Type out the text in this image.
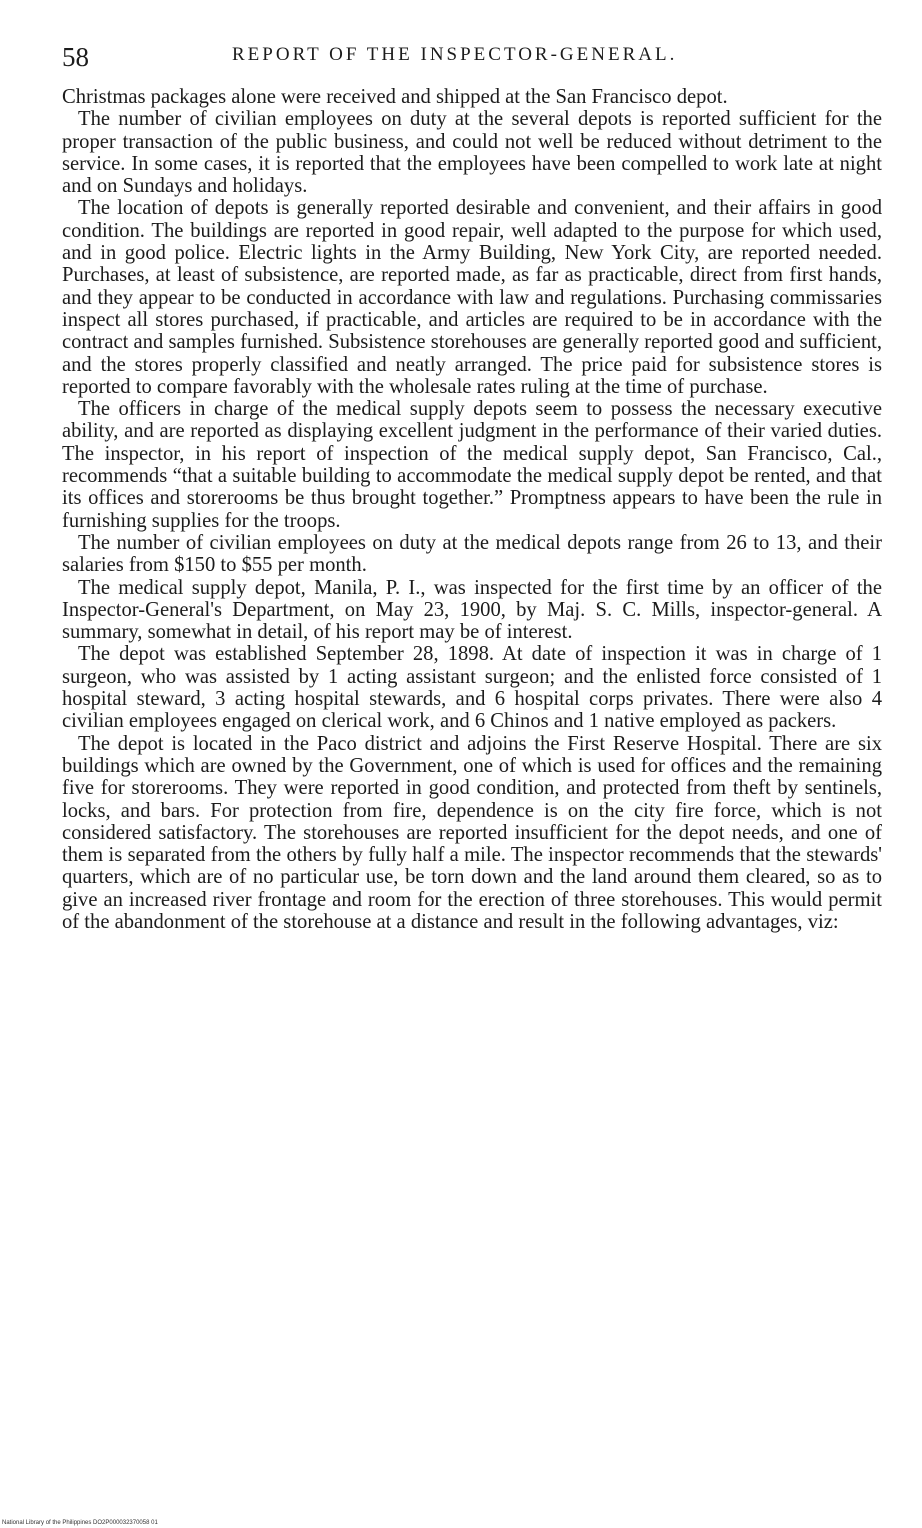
58	REPORT OF THE INSPECTOR-GENERAL.

Christmas packages alone were received and shipped at the San Francisco depot.

The number of civilian employees on duty at the several depots is reported sufficient for the proper transaction of the public business, and could not well be reduced without detriment to the service. In some cases, it is reported that the employees have been compelled to work late at night and on Sundays and holidays.

The location of depots is generally reported desirable and convenient, and their affairs in good condition. The buildings are reported in good repair, well adapted to the purpose for which used, and in good police. Electric lights in the Army Building, New York City, are reported needed. Purchases, at least of subsistence, are reported made, as far as practicable, direct from first hands, and they appear to be conducted in accordance with law and regulations. Purchasing commissaries inspect all stores purchased, if practicable, and articles are required to be in accordance with the contract and samples furnished. Subsistence storehouses are generally reported good and sufficient, and the stores properly classified and neatly arranged. The price paid for subsistence stores is reported to compare favorably with the wholesale rates ruling at the time of purchase.

The officers in charge of the medical supply depots seem to possess the necessary executive ability, and are reported as displaying excellent judgment in the performance of their varied duties. The inspector, in his report of inspection of the medical supply depot, San Francisco, Cal., recommends “that a suitable building to accommodate the medical supply depot be rented, and that its offices and storerooms be thus brought together.” Promptness appears to have been the rule in furnishing supplies for the troops.

The number of civilian employees on duty at the medical depots range from 26 to 13, and their salaries from $150 to $55 per month.

The medical supply depot, Manila, P. I., was inspected for the first time by an officer of the Inspector-General's Department, on May 23, 1900, by Maj. S. C. Mills, inspector-general. A summary, somewhat in detail, of his report may be of interest.

The depot was established September 28, 1898. At date of inspection it was in charge of 1 surgeon, who was assisted by 1 acting assistant surgeon; and the enlisted force consisted of 1 hospital steward, 3 acting hospital stewards, and 6 hospital corps privates. There were also 4 civilian employees engaged on clerical work, and 6 Chinos and 1 native employed as packers.

The depot is located in the Paco district and adjoins the First Reserve Hospital. There are six buildings which are owned by the Government, one of which is used for offices and the remaining five for storerooms. They were reported in good condition, and protected from theft by sentinels, locks, and bars. For protection from fire, dependence is on the city fire force, which is not considered satisfactory. The storehouses are reported insufficient for the depot needs, and one of them is separated from the others by fully half a mile. The inspector recommends that the stewards' quarters, which are of no particular use, be torn down and the land around them cleared, so as to give an increased river frontage and room for the erection of three storehouses. This would permit of the abandonment of the storehouse at a distance and result in the following advantages, viz:

National Library of the Philippines DO2P000032370058 01
